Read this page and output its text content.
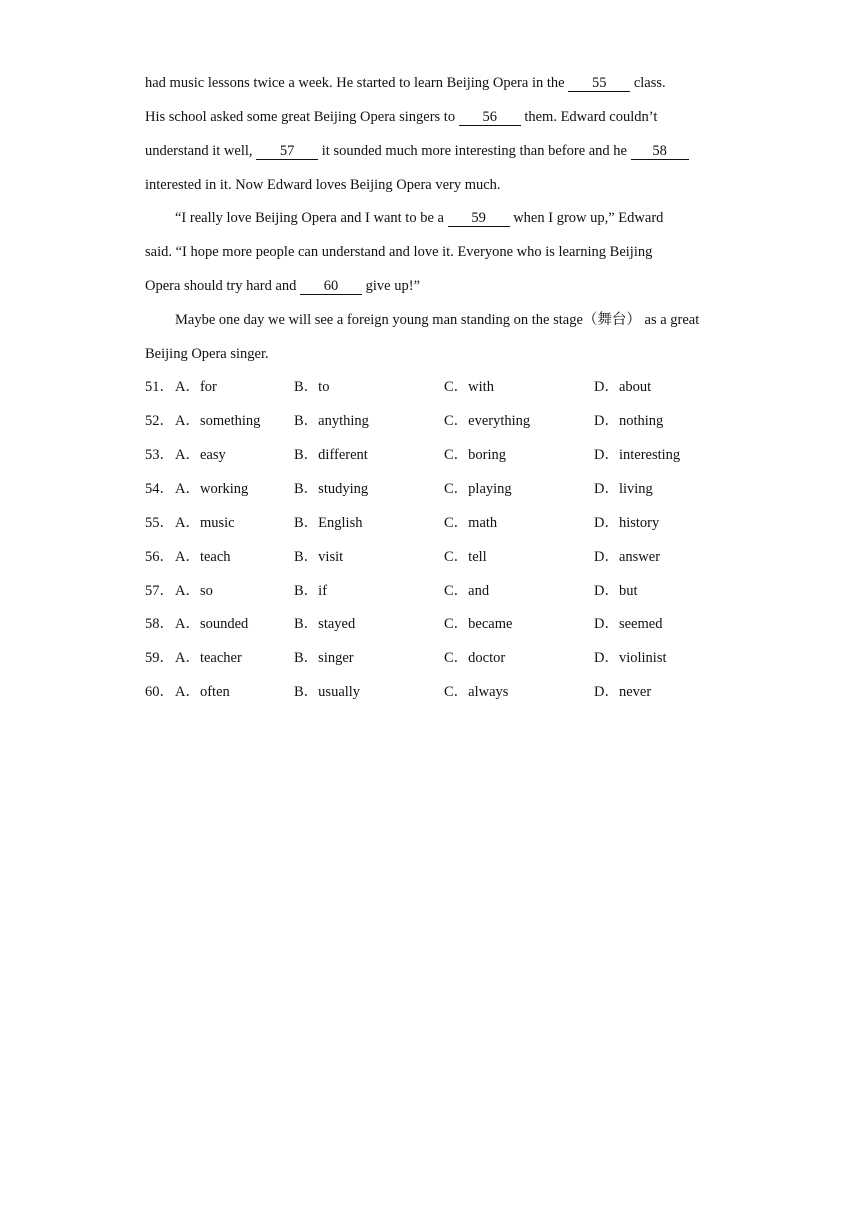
had music lessons twice a week. He started to learn Beijing Opera in the 55 class.
His school asked some great Beijing Opera singers to 56 them. Edward couldn’t
understand it well, 57 it sounded much more interesting than before and he 58
interested in it. Now Edward loves Beijing Opera very much.
“I really love Beijing Opera and I want to be a 59 when I grow up,” Edward
said. “I hope more people can understand and love it. Everyone who is learning Beijing
Opera should try hard and 60 give up!”
Maybe one day we will see a foreign young man standing on the stage（舞台） as a great
Beijing Opera singer.
51． A．for	B．to	C．with	D．about
52． A．something B．anything	C．everything	D．nothing
53． A．easy	B．different	C．boring	D．interesting
54． A．working	B．studying	C．playing	D．living
55． A．music	B．English	C．math	D．history
56． A．teach	B．visit	C．tell	D．answer
57． A．so	B．if	C．and	D．but
58． A．sounded	B．stayed	C．became	D．seemed
59． A．teacher	B．singer	C．doctor	D．violinist
60． A．often	B．usually	C．always	D．never
